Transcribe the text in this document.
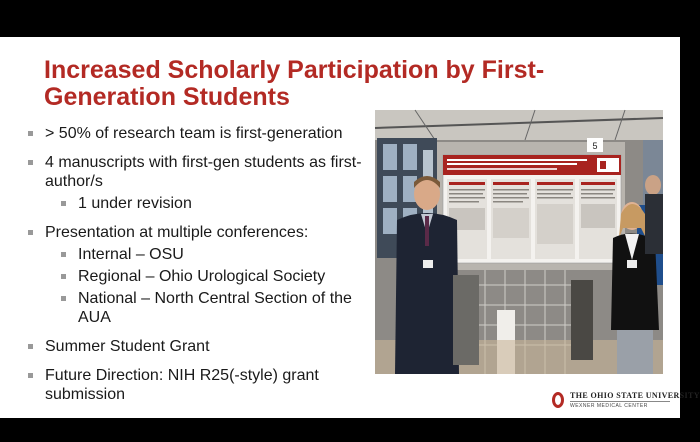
Increased Scholarly Participation by First-Generation Students
> 50% of research team is first-generation
4 manuscripts with first-gen students as first-author/s
1 under revision
Presentation at multiple conferences:
Internal – OSU
Regional – Ohio Urological Society
National – North Central Section of the AUA
Summer Student Grant
Future Direction: NIH R25(-style) grant submission
5
THE OHIO STATE UNIVERSITY
WEXNER MEDICAL CENTER
